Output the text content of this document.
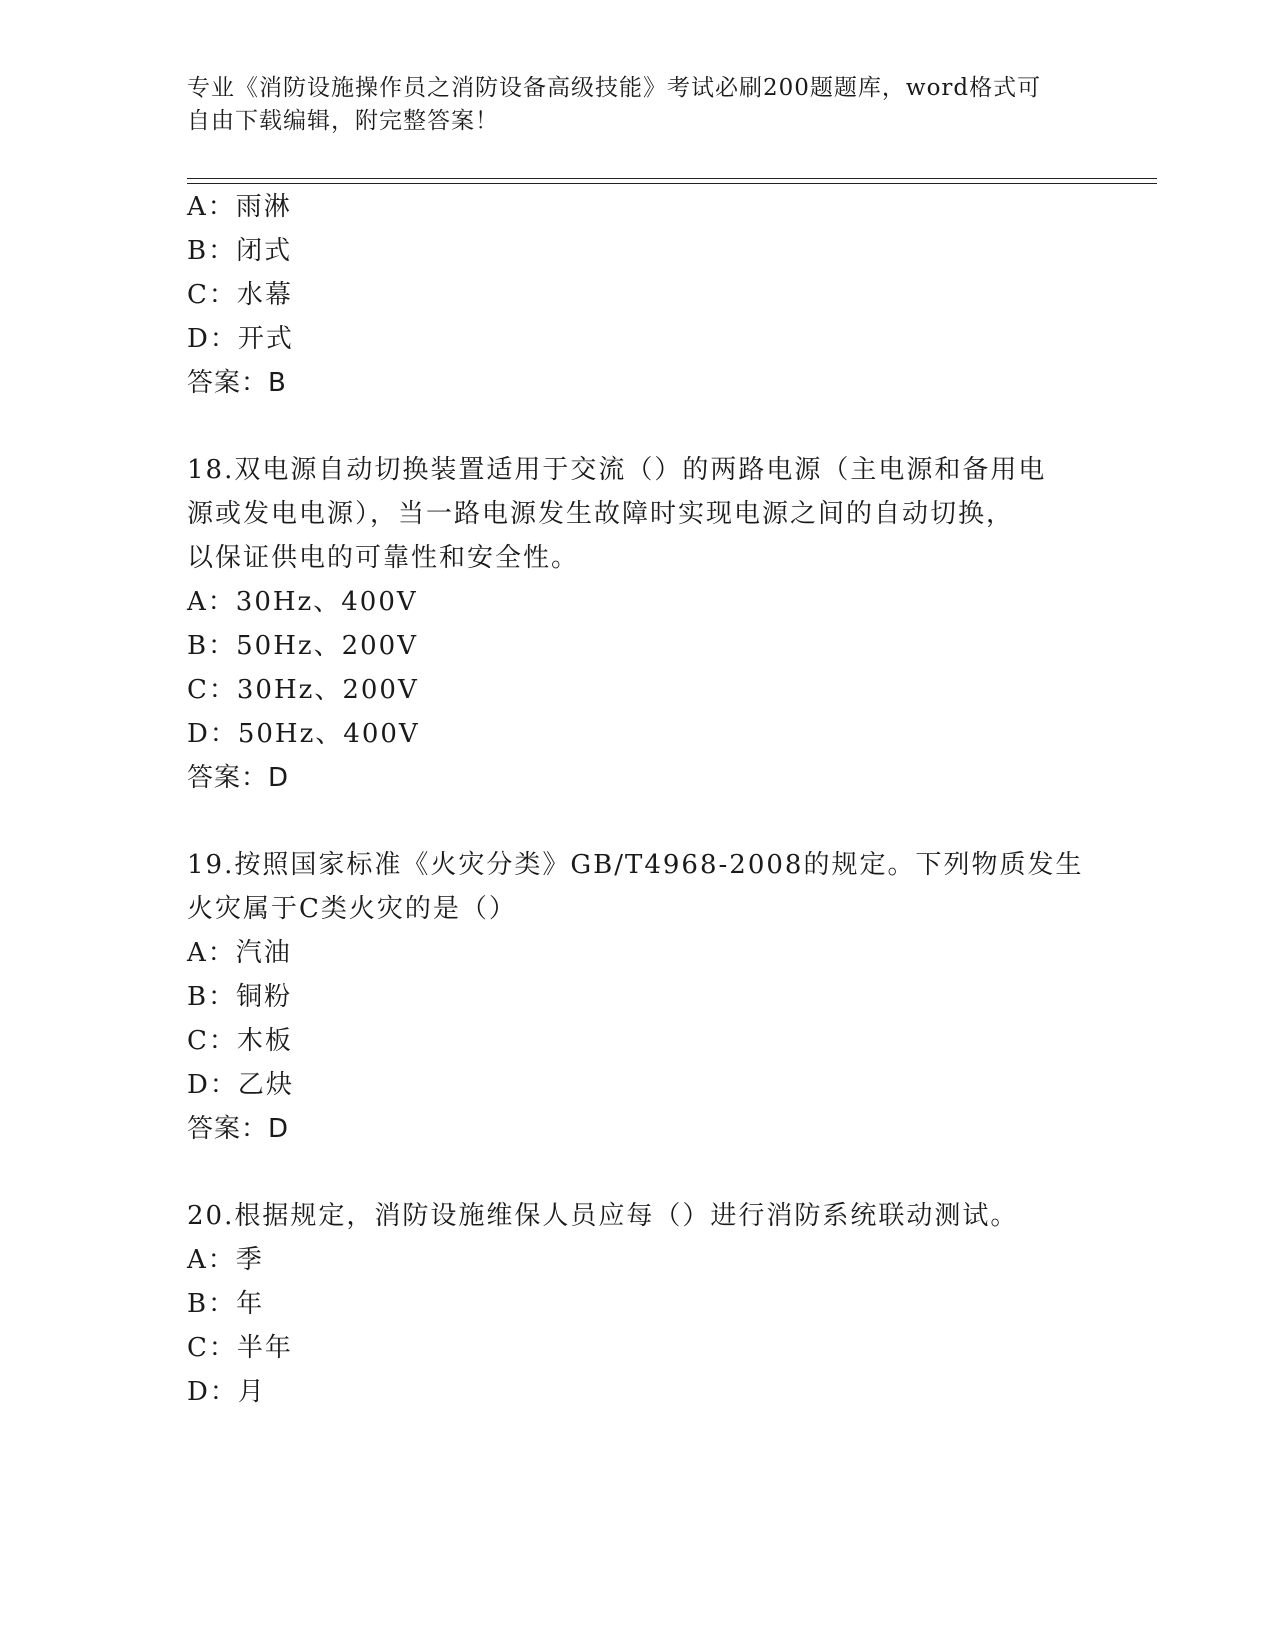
专业《消防设施操作员之消防设备高级技能》考试必刷200题题库，word格式可
自由下载编辑，附完整答案！
A：雨淋
B：闭式
C：水幕
D：开式
答案：B
18.双电源自动切换装置适用于交流（）的两路电源（主电源和备用电
源或发电电源），当一路电源发生故障时实现电源之间的自动切换，
以保证供电的可靠性和安全性。
A：30Hz、400V
B：50Hz、200V
C：30Hz、200V
D：50Hz、400V
答案：D
19.按照国家标准《火灾分类》GB/T4968-2008的规定。下列物质发生
火灾属于C类火灾的是（）
A：汽油
B：铜粉
C：木板
D：乙炔
答案：D
20.根据规定，消防设施维保人员应每（）进行消防系统联动测试。
A：季
B：年
C：半年
D：月
